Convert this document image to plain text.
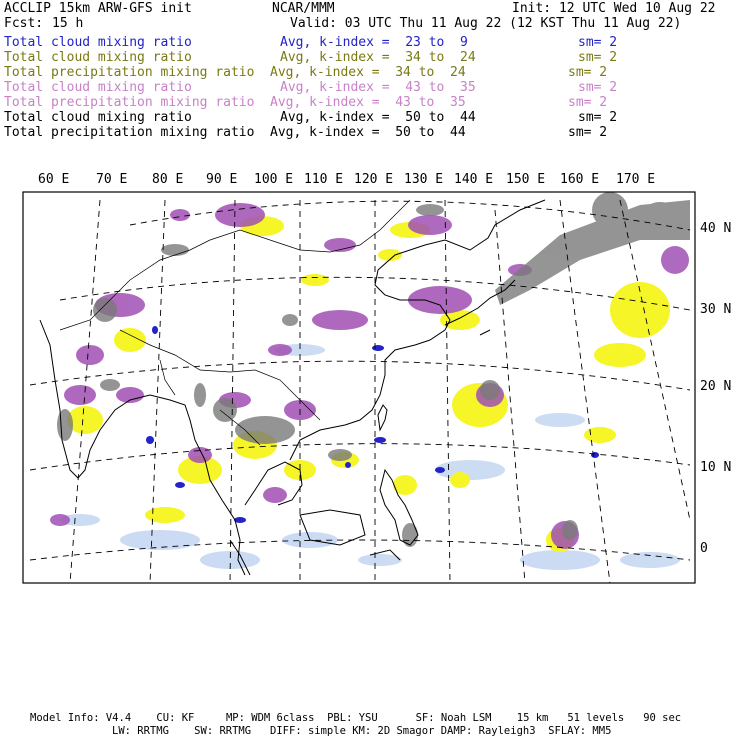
ACCLIP 15km ARW-GFS init	NCAR/MMM	Init: 12 UTC Wed 10 Aug 22
Fcst: 15 h	Valid: 03 UTC Thu 11 Aug 22 (12 KST Thu 11 Aug 22)
Total cloud mixing ratio	Avg, k-index =  23 to  9	sm= 2
Total cloud mixing ratio	Avg, k-index =  34 to  24	sm= 2
Total precipitation mixing ratio Avg, k-index =  34 to  24	sm= 2
Total cloud mixing ratio	Avg, k-index =  43 to  35	sm= 2
Total precipitation mixing ratio Avg, k-index =  43 to  35	sm= 2
Total cloud mixing ratio	Avg, k-index =  50 to  44	sm= 2
Total precipitation mixing ratio Avg, k-index =  50 to  44	sm= 2
60 E 70 E 80 E 90 E 100 E 110 E 120 E 130 E 140 E 150 E 160 E 170 E
40 N
30 N
20 N
10 N
0
Model Info: V4.4    CU: KF     MP: WDM 6class  PBL: YSU      SF: Noah LSM    15 km   51 levels   90 sec
LW: RRTMG    SW: RRTMG   DIFF: simple KM: 2D Smagor DAMP: Rayleigh3  SFLAY: MM5
